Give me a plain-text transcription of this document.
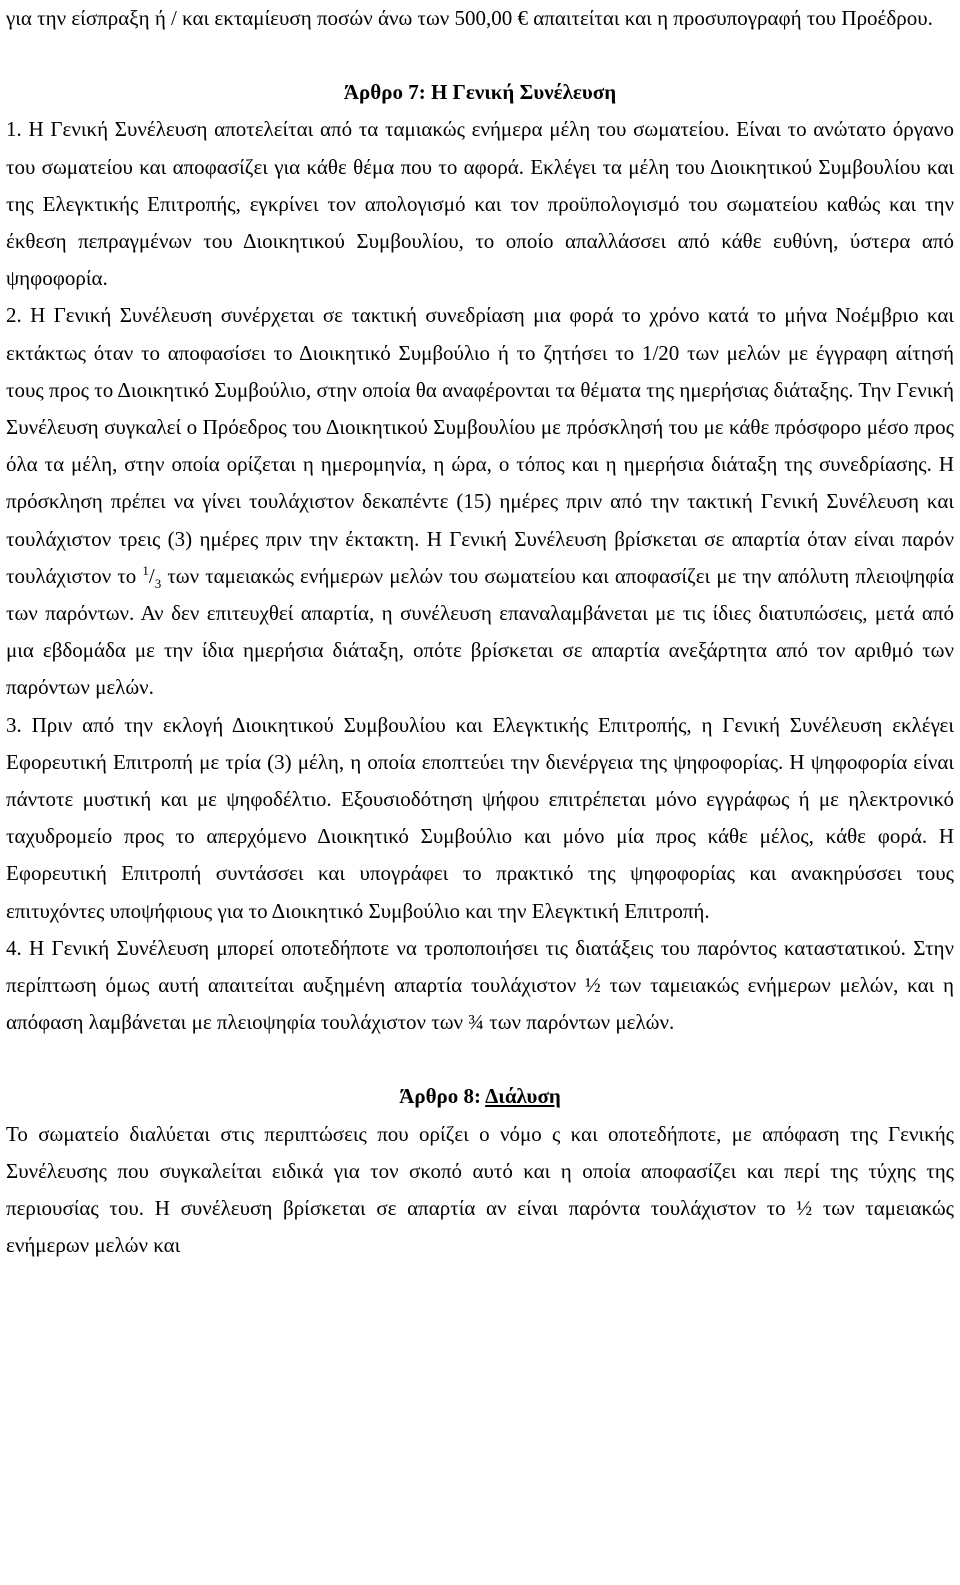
για την είσπραξη ή / και εκταμίευση ποσών άνω των 500,00 € απαιτείται και η προσυπογραφή του Προέδρου.

Άρθρο 7: Η Γενική Συνέλευση

1. Η Γενική Συνέλευση αποτελείται από τα ταμιακώς ενήμερα μέλη του σωματείου. Είναι το ανώτατο όργανο του σωματείου και αποφασίζει για κάθε θέμα που το αφορά. Εκλέγει τα μέλη του Διοικητικού Συμβουλίου και της Ελεγκτικής Επιτροπής, εγκρίνει τον απολογισμό και τον προϋπολογισμό του σωματείου καθώς και την έκθεση πεπραγμένων του Διοικητικού Συμβουλίου, το οποίο απαλλάσσει από κάθε ευθύνη, ύστερα από ψηφοφορία.

2. Η Γενική Συνέλευση συνέρχεται σε τακτική συνεδρίαση μια φορά το χρόνο κατά το μήνα Νοέμβριο και εκτάκτως όταν το αποφασίσει το Διοικητικό Συμβούλιο ή το ζητήσει το 1/20 των μελών με έγγραφη αίτησή τους προς το Διοικητικό Συμβούλιο, στην οποία θα αναφέρονται τα θέματα της ημερήσιας διάταξης. Την Γενική Συνέλευση συγκαλεί ο Πρόεδρος του Διοικητικού Συμβουλίου με πρόσκλησή του με κάθε πρόσφορο μέσο προς όλα τα μέλη, στην οποία ορίζεται η ημερομηνία, η ώρα, ο τόπος και η ημερήσια διάταξη της συνεδρίασης. Η πρόσκληση πρέπει να γίνει τουλάχιστον δεκαπέντε (15) ημέρες πριν από την τακτική Γενική Συνέλευση και τουλάχιστον τρεις (3) ημέρες πριν την έκτακτη. Η Γενική Συνέλευση βρίσκεται σε απαρτία όταν είναι παρόν τουλάχιστον το $^1/_3$ των ταμειακώς ενήμερων μελών του σωματείου και αποφασίζει με την απόλυτη πλειοψηφία των παρόντων. Αν δεν επιτευχθεί απαρτία, η συνέλευση επαναλαμβάνεται με τις ίδιες διατυπώσεις, μετά από μια εβδομάδα με την ίδια ημερήσια διάταξη, οπότε βρίσκεται σε απαρτία ανεξάρτητα από τον αριθμό των παρόντων μελών.

3. Πριν από την εκλογή Διοικητικού Συμβουλίου και Ελεγκτικής Επιτροπής, η Γενική Συνέλευση εκλέγει Εφορευτική Επιτροπή με τρία (3) μέλη, η οποία εποπτεύει την διενέργεια της ψηφοφορίας. Η ψηφοφορία είναι πάντοτε μυστική και με ψηφοδέλτιο. Εξουσιοδότηση ψήφου επιτρέπεται μόνο εγγράφως ή με ηλεκτρονικό ταχυδρομείο προς το απερχόμενο Διοικητικό Συμβούλιο και μόνο μία προς κάθε μέλος, κάθε φορά. Η Εφορευτική Επιτροπή συντάσσει και υπογράφει το πρακτικό της ψηφοφορίας και ανακηρύσσει τους επιτυχόντες υποψήφιους για το Διοικητικό Συμβούλιο και την Ελεγκτική Επιτροπή.

4. Η Γενική Συνέλευση μπορεί οποτεδήποτε να τροποποιήσει τις διατάξεις του παρόντος καταστατικού. Στην περίπτωση όμως αυτή απαιτείται αυξημένη απαρτία τουλάχιστον ½ των ταμειακώς ενήμερων μελών, και η απόφαση λαμβάνεται με πλειοψηφία τουλάχιστον των ¾ των παρόντων μελών.

Άρθρο 8: Διάλυση

Το σωματείο διαλύεται στις περιπτώσεις που ορίζει ο νόμο ς και οποτεδήποτε, με απόφαση της Γενικής Συνέλευσης που συγκαλείται ειδικά για τον σκοπό αυτό και η οποία αποφασίζει και περί της τύχης της περιουσίας του. Η συνέλευση βρίσκεται σε απαρτία αν είναι παρόντα τουλάχιστον το ½ των ταμειακώς ενήμερων μελών και
